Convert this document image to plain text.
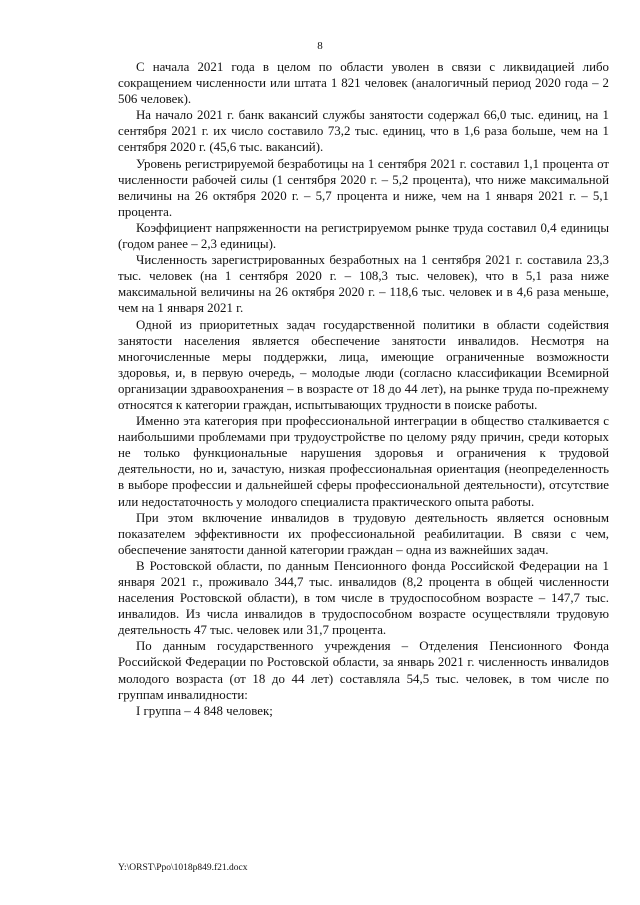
8

С начала 2021 года в целом по области уволен в связи с ликвидацией либо сокращением численности или штата 1 821 человек (аналогичный период 2020 года – 2 506 человек).

На начало 2021 г. банк вакансий службы занятости содержал 66,0 тыс. единиц, на 1 сентября 2021 г. их число составило 73,2 тыс. единиц, что в 1,6 раза больше, чем на 1 сентября 2020 г. (45,6 тыс. вакансий).

Уровень регистрируемой безработицы на 1 сентября 2021 г. составил 1,1 процента от численности рабочей силы (1 сентября 2020 г. – 5,2 процента), что ниже максимальной величины на 26 октября 2020 г. – 5,7 процента и ниже, чем на 1 января 2021 г. – 5,1 процента.

Коэффициент напряженности на регистрируемом рынке труда составил 0,4 единицы (годом ранее – 2,3 единицы).

Численность зарегистрированных безработных на 1 сентября 2021 г. составила 23,3 тыс. человек (на 1 сентября 2020 г. – 108,3 тыс. человек), что в 5,1 раза ниже максимальной величины на 26 октября 2020 г. – 118,6 тыс. человек и в 4,6 раза меньше, чем на 1 января 2021 г.

Одной из приоритетных задач государственной политики в области содействия занятости населения является обеспечение занятости инвалидов. Несмотря на многочисленные меры поддержки, лица, имеющие ограниченные возможности здоровья, и, в первую очередь, – молодые люди (согласно классификации Всемирной организации здравоохранения – в возрасте от 18 до 44 лет), на рынке труда по-прежнему относятся к категории граждан, испытывающих трудности в поиске работы.

Именно эта категория при профессиональной интеграции в общество сталкивается с наибольшими проблемами при трудоустройстве по целому ряду причин, среди которых не только функциональные нарушения здоровья и ограничения к трудовой деятельности, но и, зачастую, низкая профессиональная ориентация (неопределенность в выборе профессии и дальнейшей сферы профессиональной деятельности), отсутствие или недостаточность у молодого специалиста практического опыта работы.

При этом включение инвалидов в трудовую деятельность является основным показателем эффективности их профессиональной реабилитации. В связи с чем, обеспечение занятости данной категории граждан – одна из важнейших задач.

В Ростовской области, по данным Пенсионного фонда Российской Федерации на 1 января 2021 г., проживало 344,7 тыс. инвалидов (8,2 процента в общей численности населения Ростовской области), в том числе в трудоспособном возрасте – 147,7 тыс. инвалидов. Из числа инвалидов в трудоспособном возрасте осуществляли трудовую деятельность 47 тыс. человек или 31,7 процента.

По данным государственного учреждения – Отделения Пенсионного Фонда Российской Федерации по Ростовской области, за январь 2021 г. численность инвалидов молодого возраста (от 18 до 44 лет) составляла 54,5 тыс. человек, в том числе по группам инвалидности:

I группа – 4 848 человек;

Y:\ORST\Ppo\1018p849.f21.docx
